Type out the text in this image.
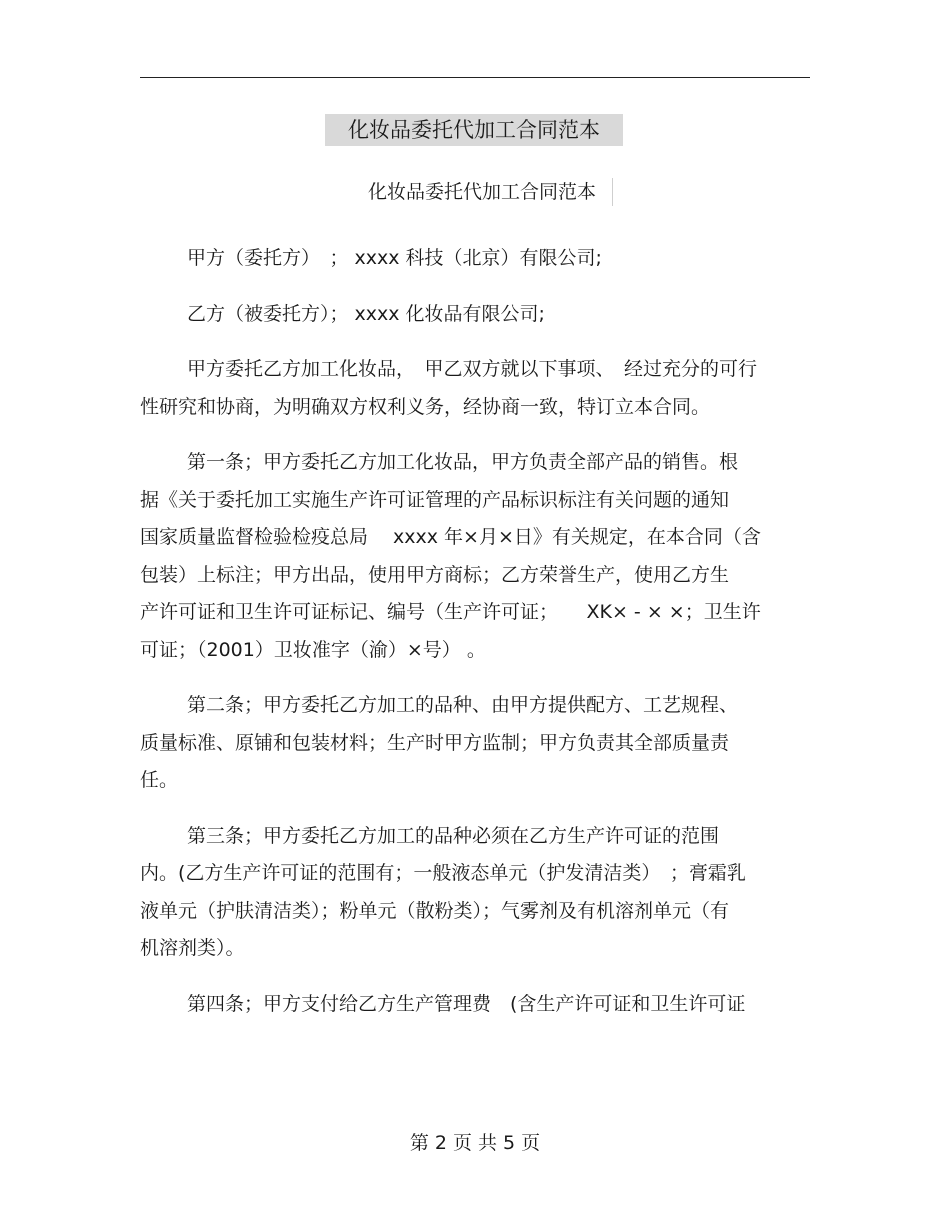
化妆品委托代加工合同范本
化妆品委托代加工合同范本
甲方（委托方）　； xxxx 科技（北京）有限公司;
乙方（被委托方）； xxxx 化妆品有限公司;
甲方委托乙方加工化妆品，　甲乙双方就以下事项、　经过充分的可行
性研究和协商，为明确双方权利义务，经协商一致，特订立本合同。
第一条；甲方委托乙方加工化妆品，甲方负责全部产品的销售。根
据《关于委托加工实施生产许可证管理的产品标识标注有关问题的通知
国家质量监督检验检疫总局　 xxxx 年×月×日》有关规定，在本合同（含
包装）上标注；甲方出品，使用甲方商标；乙方荣誉生产，使用乙方生
产许可证和卫生许可证标记、编号（生产许可证；　　XK× - × ×；卫生许
可证；（2001）卫妆准字（渝）×号） 。
第二条；甲方委托乙方加工的品种、由甲方提供配方、工艺规程、
质量标准、原铺和包装材料；生产时甲方监制；甲方负责其全部质量责
任。
第三条；甲方委托乙方加工的品种必须在乙方生产许可证的范围
内。(乙方生产许可证的范围有；一般液态单元（护发清洁类）　；膏霜乳
液单元（护肤清洁类）；粉单元（散粉类）；气雾剂及有机溶剂单元（有
机溶剂类）。
第四条；甲方支付给乙方生产管理费　(含生产许可证和卫生许可证
第 2 页 共 5 页
